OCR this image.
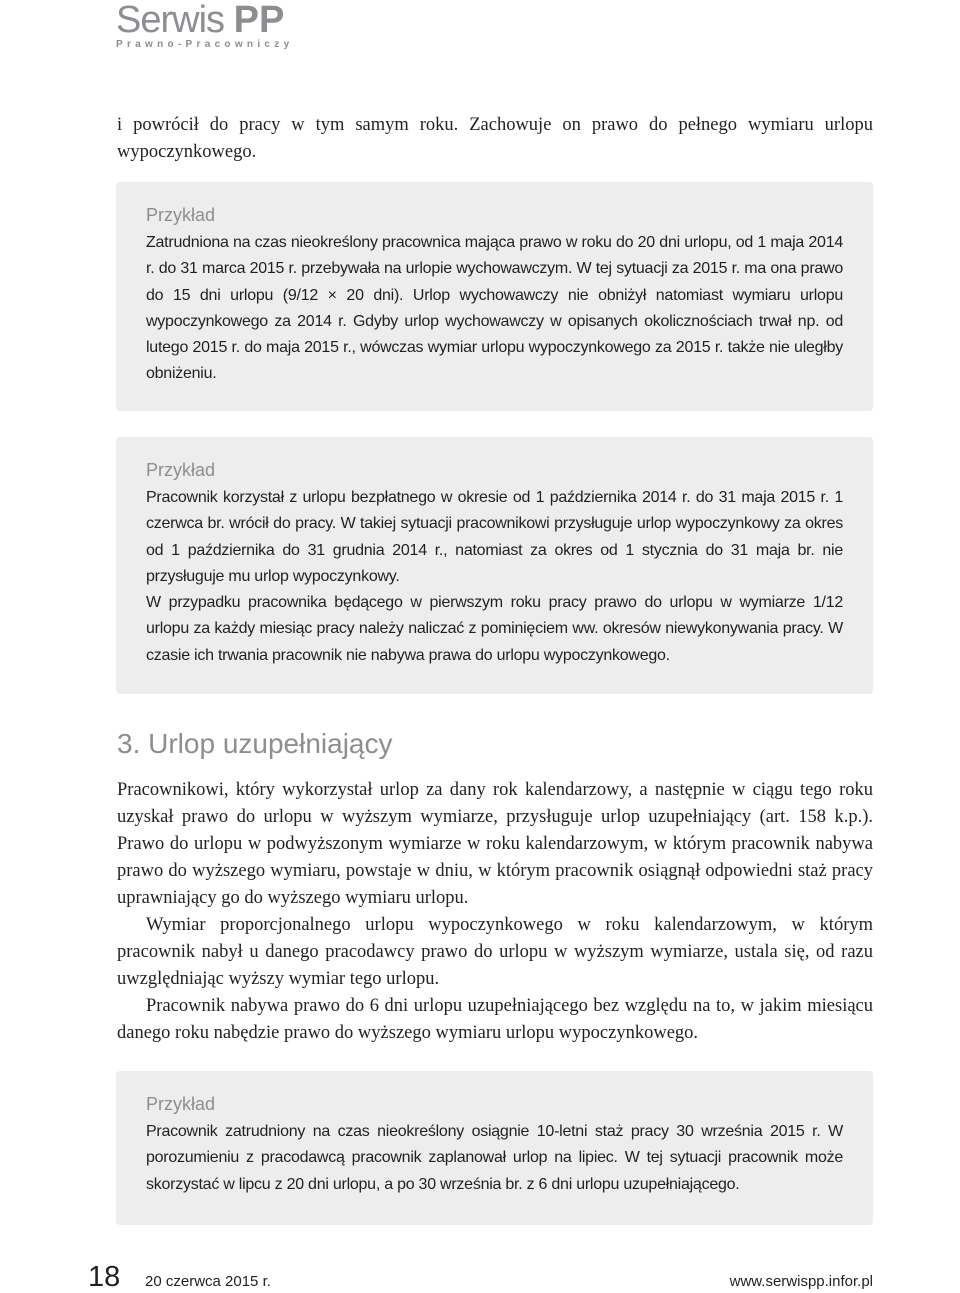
Serwis PP
Prawno-Pracowniczy

i powrócił do pracy w tym samym roku. Zachowuje on prawo do pełnego wymiaru urlopu wypoczynkowego.

Przykład

Zatrudniona na czas nieokreślony pracownica mająca prawo w roku do 20 dni urlopu, od 1 maja 2014 r. do 31 marca 2015 r. przebywała na urlopie wychowawczym. W tej sytuacji za 2015 r. ma ona prawo do 15 dni urlopu (9/12 × 20 dni). Urlop wychowawczy nie obniżył natomiast wymiaru urlopu wypoczynkowego za 2014 r. Gdyby urlop wychowawczy w opisanych okolicznościach trwał np. od lutego 2015 r. do maja 2015 r., wówczas wymiar urlopu wypoczynkowego za 2015 r. także nie uległby obniżeniu.

Przykład

Pracownik korzystał z urlopu bezpłatnego w okresie od 1 października 2014 r. do 31 maja 2015 r. 1 czerwca br. wrócił do pracy. W takiej sytuacji pracownikowi przysługuje urlop wypoczynkowy za okres od 1 października do 31 grudnia 2014 r., natomiast za okres od 1 stycznia do 31 maja br. nie przysługuje mu urlop wypoczynkowy.

W przypadku pracownika będącego w pierwszym roku pracy prawo do urlopu w wymiarze 1/12 urlopu za każdy miesiąc pracy należy naliczać z pominięciem ww. okresów niewykonywania pracy. W czasie ich trwania pracownik nie nabywa prawa do urlopu wypoczynkowego.

3. Urlop uzupełniający

Pracownikowi, który wykorzystał urlop za dany rok kalendarzowy, a następnie w ciągu tego roku uzyskał prawo do urlopu w wyższym wymiarze, przysługuje urlop uzupełniający (art. 158 k.p.). Prawo do urlopu w podwyższonym wymiarze w roku kalendarzowym, w którym pracownik nabywa prawo do wyższego wymiaru, powstaje w dniu, w którym pracownik osiągnął odpowiedni staż pracy uprawniający go do wyższego wymiaru urlopu.

Wymiar proporcjonalnego urlopu wypoczynkowego w roku kalendarzowym, w którym pracownik nabył u danego pracodawcy prawo do urlopu w wyższym wymiarze, ustala się, od razu uwzględniając wyższy wymiar tego urlopu.

Pracownik nabywa prawo do 6 dni urlopu uzupełniającego bez względu na to, w jakim miesiącu danego roku nabędzie prawo do wyższego wymiaru urlopu wypoczynkowego.

Przykład

Pracownik zatrudniony na czas nieokreślony osiągnie 10-letni staż pracy 30 września 2015 r. W porozumieniu z pracodawcą pracownik zaplanował urlop na lipiec. W tej sytuacji pracownik może skorzystać w lipcu z 20 dni urlopu, a po 30 września br. z 6 dni urlopu uzupełniającego.

18 20 czerwca 2015 r.	www.serwispp.infor.pl
